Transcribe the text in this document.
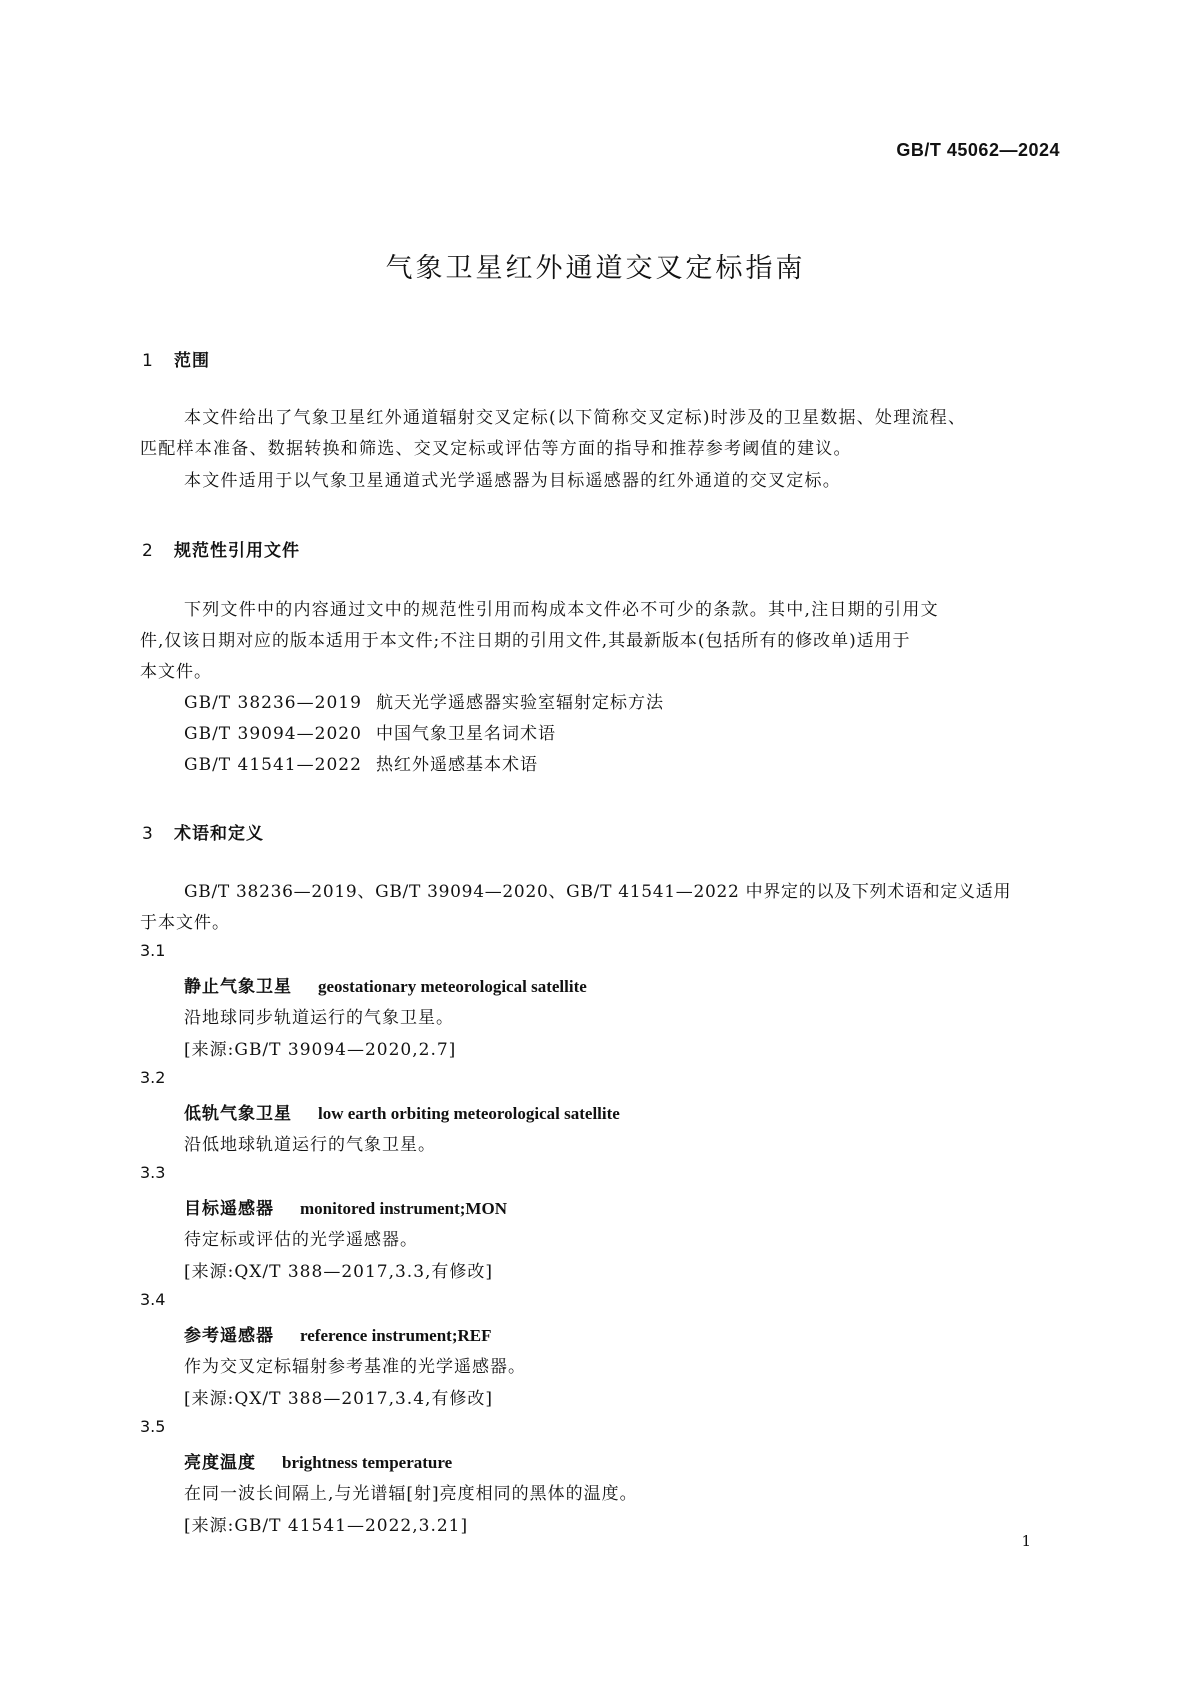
GB/T 45062—2024
气象卫星红外通道交叉定标指南
1 范围
本文件给出了气象卫星红外通道辐射交叉定标(以下简称交叉定标)时涉及的卫星数据、处理流程、
匹配样本准备、数据转换和筛选、交叉定标或评估等方面的指导和推荐参考阈值的建议。
本文件适用于以气象卫星通道式光学遥感器为目标遥感器的红外通道的交叉定标。
2 规范性引用文件
下列文件中的内容通过文中的规范性引用而构成本文件必不可少的条款。其中,注日期的引用文
件,仅该日期对应的版本适用于本文件;不注日期的引用文件,其最新版本(包括所有的修改单)适用于
本文件。
GB/T 38236—2019 航天光学遥感器实验室辐射定标方法
GB/T 39094—2020 中国气象卫星名词术语
GB/T 41541—2022 热红外遥感基本术语
3 术语和定义
GB/T 38236—2019、GB/T 39094—2020、GB/T 41541—2022 中界定的以及下列术语和定义适用
于本文件。
3.1
静止气象卫星 geostationary meteorological satellite
沿地球同步轨道运行的气象卫星。
[来源:GB/T 39094—2020,2.7]
3.2
低轨气象卫星 low earth orbiting meteorological satellite
沿低地球轨道运行的气象卫星。
3.3
目标遥感器 monitored instrument;MON
待定标或评估的光学遥感器。
[来源:QX/T 388—2017,3.3,有修改]
3.4
参考遥感器 reference instrument;REF
作为交叉定标辐射参考基准的光学遥感器。
[来源:QX/T 388—2017,3.4,有修改]
3.5
亮度温度 brightness temperature
在同一波长间隔上,与光谱辐[射]亮度相同的黑体的温度。
[来源:GB/T 41541—2022,3.21]
1
